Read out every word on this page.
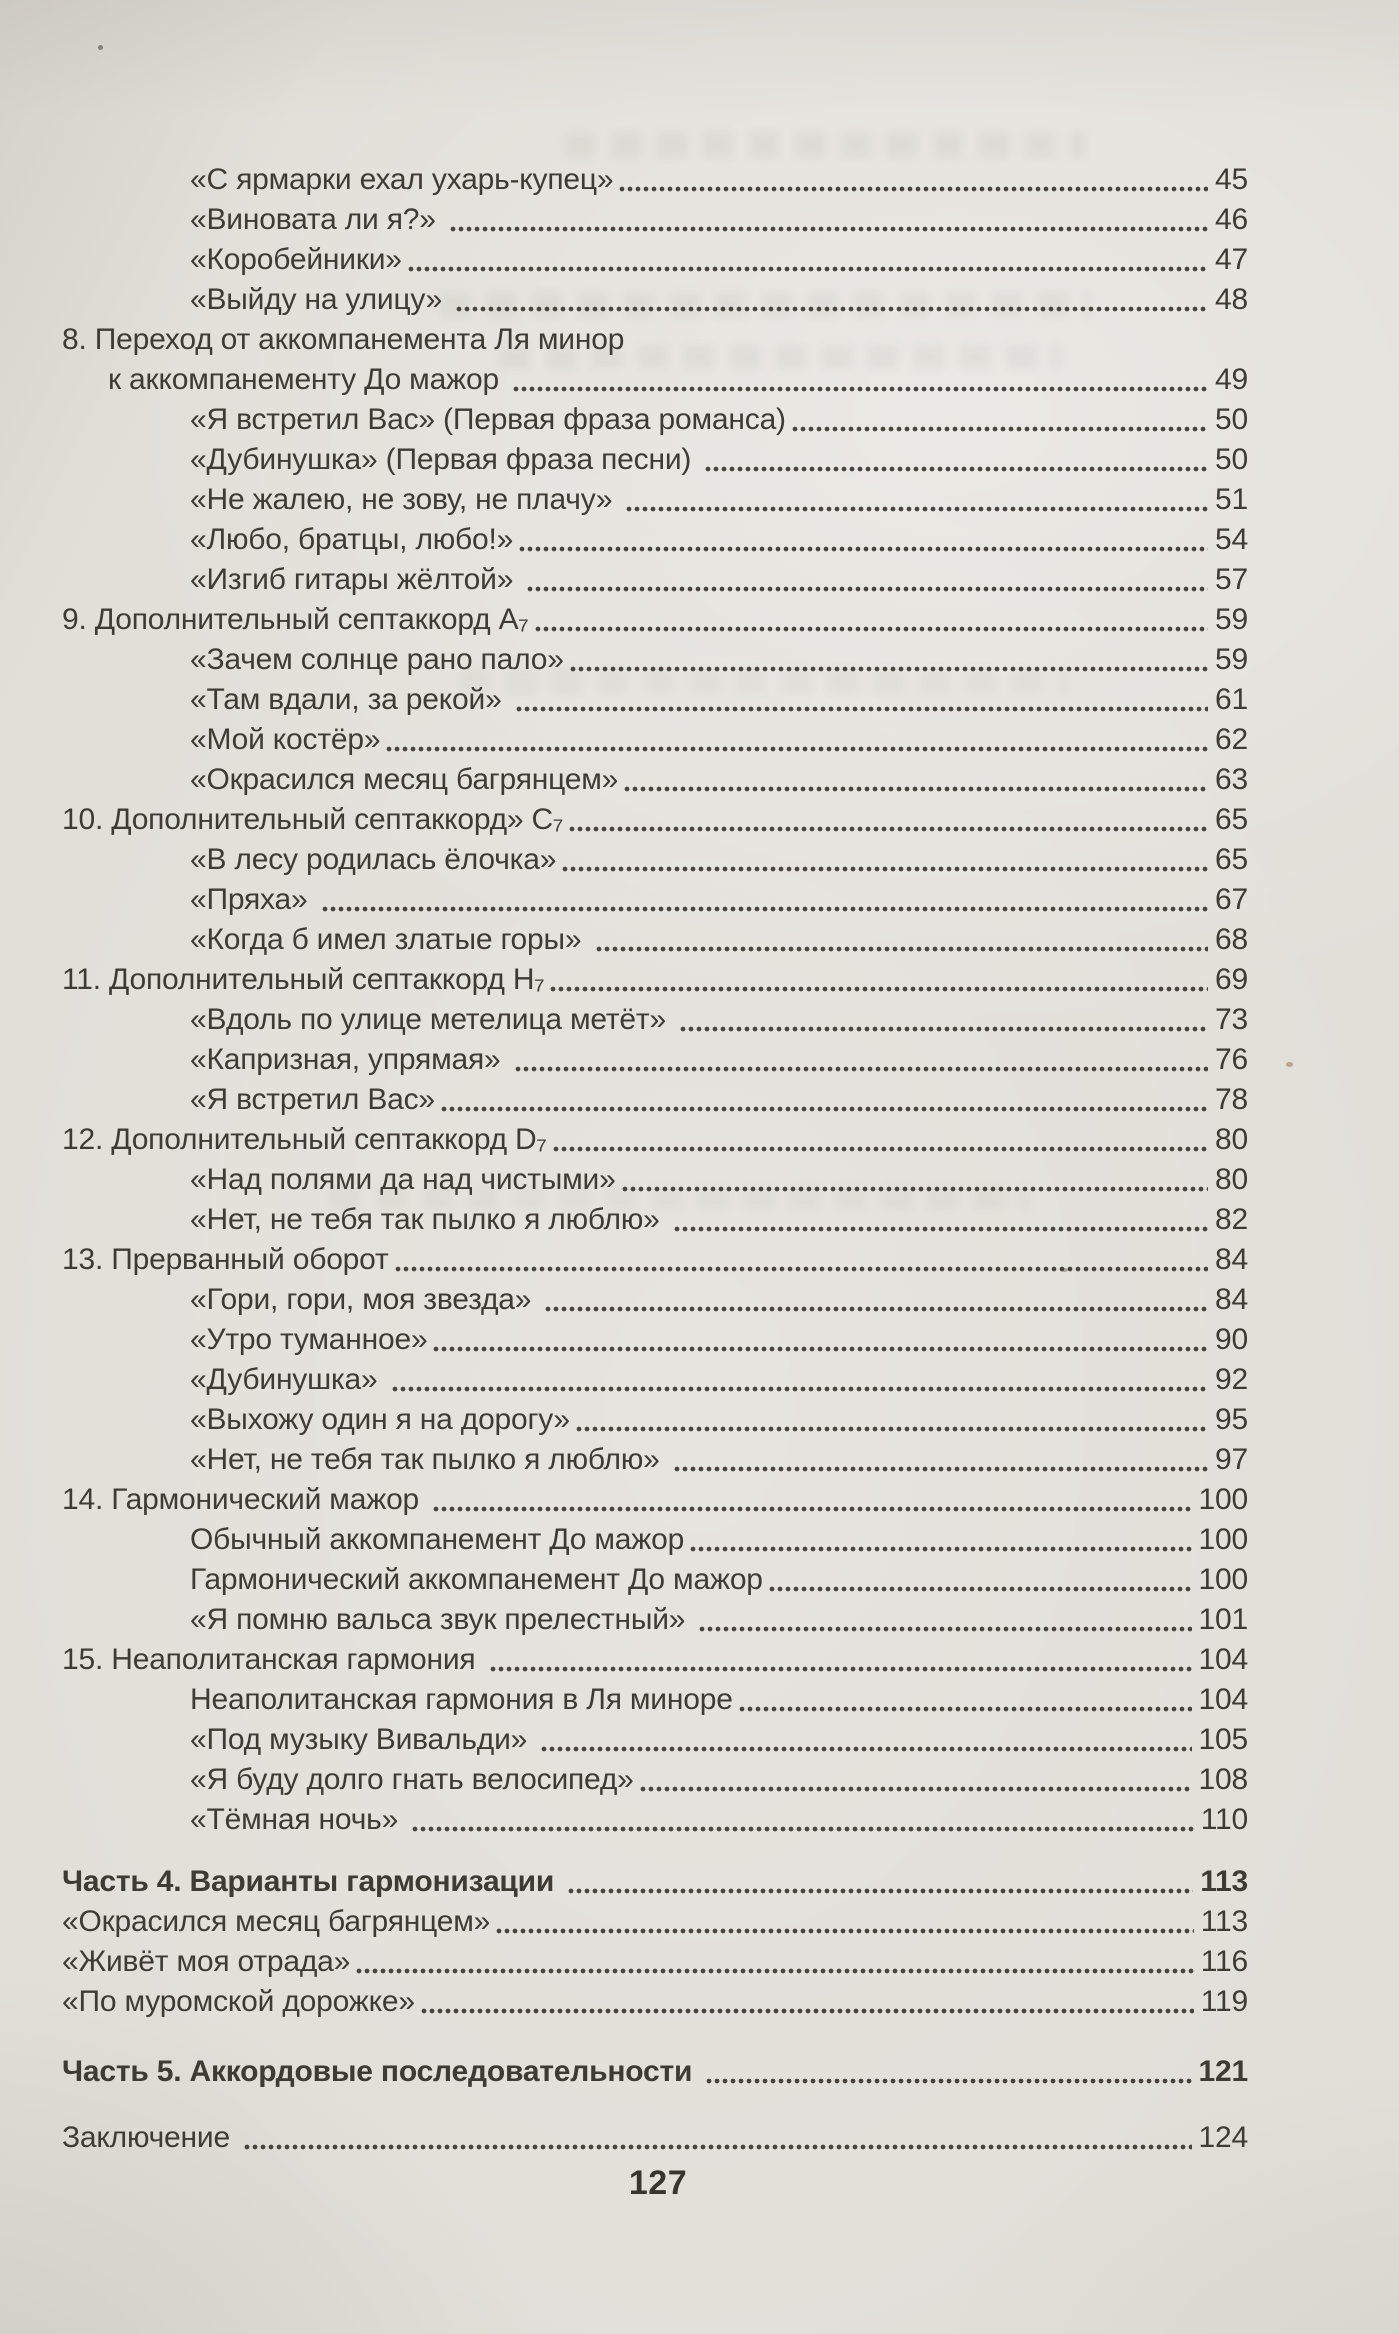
«С ярмарки ехал ухарь-купец»	45
«Виновата ли я?»	46
«Коробейники»	47
«Выйду на улицу»	48
8. Переход от аккомпанемента Ля минор
к аккомпанементу До мажор	49
«Я встретил Вас» (Первая фраза романса)	50
«Дубинушка» (Первая фраза песни)	50
«Не жалею, не зову, не плачу»	51
«Любо, братцы, любо!»	54
«Изгиб гитары жёлтой»	57
9. Дополнительный септаккорд A₇	59
«Зачем солнце рано пало»	59
«Там вдали, за рекой»	61
«Мой костёр»	62
«Окрасился месяц багрянцем»	63
10. Дополнительный септаккорд» C₇	65
«В лесу родилась ёлочка»	65
«Пряха»	67
«Когда б имел златые горы»	68
11. Дополнительный септаккорд H₇	69
«Вдоль по улице метелица метёт»	73
«Капризная, упрямая»	76
«Я встретил Вас»	78
12. Дополнительный септаккорд D₇	80
«Над полями да над чистыми»	80
«Нет, не тебя так пылко я люблю»	82
13. Прерванный оборот	84
«Гори, гори, моя звезда»	84
«Утро туманное»	90
«Дубинушка»	92
«Выхожу один я на дорогу»	95
«Нет, не тебя так пылко я люблю»	97
14. Гармонический мажор	100
Обычный аккомпанемент До мажор	100
Гармонический аккомпанемент До мажор	100
«Я помню вальса звук прелестный»	101
15. Неаполитанская гармония	104
Неаполитанская гармония в Ля миноре	104
«Под музыку Вивальди»	105
«Я буду долго гнать велосипед»	108
«Тёмная ночь»	110
Часть 4. Варианты гармонизации	113
«Окрасился месяц багрянцем»	113
«Живёт моя отрада»	116
«По муромской дорожке»	119
Часть 5. Аккордовые последовательности	121
Заключение	124
127
